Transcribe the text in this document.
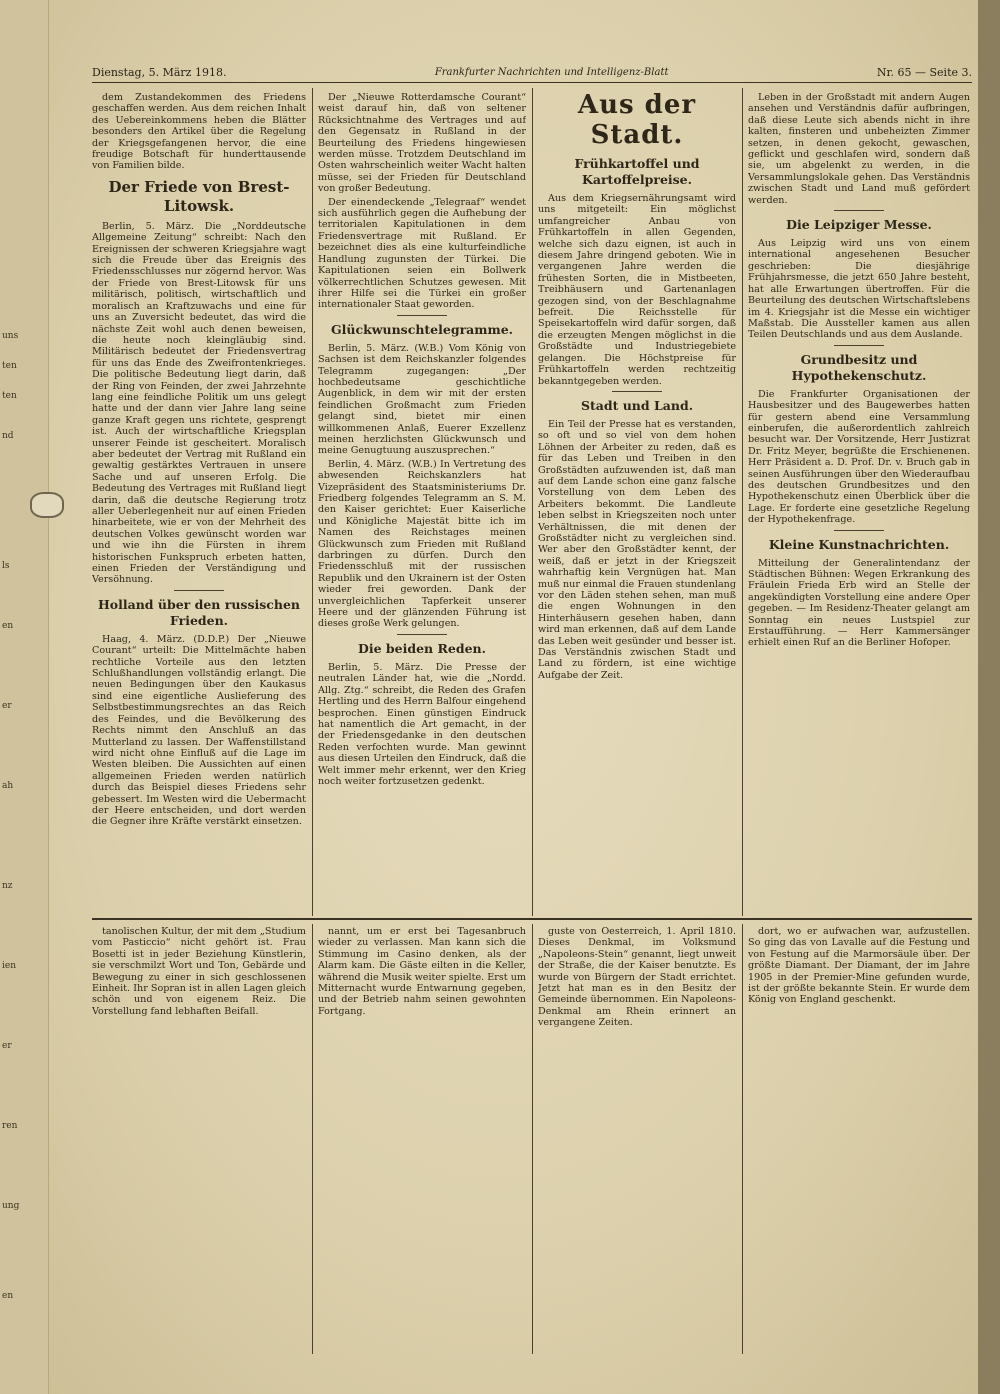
uns
ten
ten
nd
ls
en
er
ah
nz
ien
er
ren
ung
en
Dienstag, 5. März 1918.	Frankfurter Nachrichten und Intelligenz-Blatt	Nr. 65 — Seite 3.

dem Zustandekommen des Friedens geschaffen werden. Aus dem reichen Inhalt des Uebereinkommens heben die Blätter besonders den Artikel über die Regelung der Kriegsgefangenen hervor, die eine freudige Botschaft für hunderttausende von Familien bilde.

Der Friede von Brest-Litowsk.

Berlin, 5. März. Die „Norddeutsche Allgemeine Zeitung“ schreibt: Nach den Ereignissen der schweren Kriegsjahre wagt sich die Freude über das Ereignis des Friedensschlusses nur zögernd hervor. Was der Friede von Brest-Litowsk für uns militärisch, politisch, wirtschaftlich und moralisch an Kraftzuwachs und eine für uns an Zuversicht bedeutet, das wird die nächste Zeit wohl auch denen beweisen, die heute noch kleingläubig sind. Militärisch bedeutet der Friedensvertrag für uns das Ende des Zweifrontenkrieges. Die politische Bedeutung liegt darin, daß der Ring von Feinden, der zwei Jahrzehnte lang eine feindliche Politik um uns gelegt hatte und der dann vier Jahre lang seine ganze Kraft gegen uns richtete, gesprengt ist. Auch der wirtschaftliche Kriegsplan unserer Feinde ist gescheitert. Moralisch aber bedeutet der Vertrag mit Rußland ein gewaltig gestärktes Vertrauen in unsere Sache und auf unseren Erfolg. Die Bedeutung des Vertrages mit Rußland liegt darin, daß die deutsche Regierung trotz aller Ueberlegenheit nur auf einen Frieden hinarbeitete, wie er von der Mehrheit des deutschen Volkes gewünscht worden war und wie ihn die Fürsten in ihrem historischen Funkspruch erbeten hatten, einen Frieden der Verständigung und Versöhnung.

Holland über den russischen Frieden.

Haag, 4. März. (D.D.P.) Der „Nieuwe Courant“ urteilt: Die Mittelmächte haben rechtliche Vorteile aus den letzten Schlußhandlungen vollständig erlangt. Die neuen Bedingungen über den Kaukasus sind eine eigentliche Auslieferung des Selbstbestimmungsrechtes an das Reich des Feindes, und die Bevölkerung des Rechts nimmt den Anschluß an das Mutterland zu lassen. Der Waffenstillstand wird nicht ohne Einfluß auf die Lage im Westen bleiben. Die Aussichten auf einen allgemeinen Frieden werden natürlich durch das Beispiel dieses Friedens sehr gebessert. Im Westen wird die Uebermacht der Heere entscheiden, und dort werden die Gegner ihre Kräfte verstärkt einsetzen.

Der „Nieuwe Rotterdamsche Courant“ weist darauf hin, daß von seltener Rücksichtnahme des Vertrages und auf den Gegensatz in Rußland in der Beurteilung des Friedens hingewiesen werden müsse. Trotzdem Deutschland im Osten wahrscheinlich weiter Wacht halten müsse, sei der Frieden für Deutschland von großer Bedeutung.

Der einendeckende „Telegraaf“ wendet sich ausführlich gegen die Aufhebung der territorialen Kapitulationen in dem Friedensvertrage mit Rußland. Er bezeichnet dies als eine kulturfeindliche Handlung zugunsten der Türkei. Die Kapitulationen seien ein Bollwerk völkerrechtlichen Schutzes gewesen. Mit ihrer Hilfe sei die Türkei ein großer internationaler Staat geworden.

Glückwunschtelegramme.

Berlin, 5. März. (W.B.) Vom König von Sachsen ist dem Reichskanzler folgendes Telegramm zugegangen: „Der hochbedeutsame geschichtliche Augenblick, in dem wir mit der ersten feindlichen Großmacht zum Frieden gelangt sind, bietet mir einen willkommenen Anlaß, Euerer Exzellenz meinen herzlichsten Glückwunsch und meine Genugtuung auszusprechen.“

Berlin, 4. März. (W.B.) In Vertretung des abwesenden Reichskanzlers hat Vizepräsident des Staatsministeriums Dr. Friedberg folgendes Telegramm an S. M. den Kaiser gerichtet: Euer Kaiserliche und Königliche Majestät bitte ich im Namen des Reichstages meinen Glückwunsch zum Frieden mit Rußland darbringen zu dürfen. Durch den Friedensschluß mit der russischen Republik und den Ukrainern ist der Osten wieder frei geworden. Dank der unvergleichlichen Tapferkeit unserer Heere und der glänzenden Führung ist dieses große Werk gelungen.

Die beiden Reden.

Berlin, 5. März. Die Presse der neutralen Länder hat, wie die „Nordd. Allg. Ztg.“ schreibt, die Reden des Grafen Hertling und des Herrn Balfour eingehend besprochen. Einen günstigen Eindruck hat namentlich die Art gemacht, in der der Friedensgedanke in den deutschen Reden verfochten wurde. Man gewinnt aus diesen Urteilen den Eindruck, daß die Welt immer mehr erkennt, wer den Krieg noch weiter fortzusetzen gedenkt.

Aus der Stadt.
Frühkartoffel und Kartoffelpreise.

Aus dem Kriegsernährungsamt wird uns mitgeteilt: Ein möglichst umfangreicher Anbau von Frühkartoffeln in allen Gegenden, welche sich dazu eignen, ist auch in diesem Jahre dringend geboten. Wie in vergangenen Jahre werden die frühesten Sorten, die in Mistbeeten, Treibhäusern und Gartenanlagen gezogen sind, von der Beschlagnahme befreit. Die Reichsstelle für Speisekartoffeln wird dafür sorgen, daß die erzeugten Mengen möglichst in die Großstädte und Industriegebiete gelangen. Die Höchstpreise für Frühkartoffeln werden rechtzeitig bekanntgegeben werden.

Stadt und Land.

Ein Teil der Presse hat es verstanden, so oft und so viel von dem hohen Löhnen der Arbeiter zu reden, daß es für das Leben und Treiben in den Großstädten aufzuwenden ist, daß man auf dem Lande schon eine ganz falsche Vorstellung von dem Leben des Arbeiters bekommt. Die Landleute leben selbst in Kriegszeiten noch unter Verhältnissen, die mit denen der Großstädter nicht zu vergleichen sind. Wer aber den Großstädter kennt, der weiß, daß er jetzt in der Kriegszeit wahrhaftig kein Vergnügen hat. Man muß nur einmal die Frauen stundenlang vor den Läden stehen sehen, man muß die engen Wohnungen in den Hinterhäusern gesehen haben, dann wird man erkennen, daß auf dem Lande das Leben weit gesünder und besser ist. Das Verständnis zwischen Stadt und Land zu fördern, ist eine wichtige Aufgabe der Zeit.

Leben in der Großstadt mit andern Augen ansehen und Verständnis dafür aufbringen, daß diese Leute sich abends nicht in ihre kalten, finsteren und unbeheizten Zimmer setzen, in denen gekocht, gewaschen, geflickt und geschlafen wird, sondern daß sie, um abgelenkt zu werden, in die Versammlungslokale gehen. Das Verständnis zwischen Stadt und Land muß gefördert werden.

Die Leipziger Messe.

Aus Leipzig wird uns von einem international angesehenen Besucher geschrieben: Die diesjährige Frühjahrsmesse, die jetzt 650 Jahre besteht, hat alle Erwartungen übertroffen. Für die Beurteilung des deutschen Wirtschaftslebens im 4. Kriegsjahr ist die Messe ein wichtiger Maßstab. Die Aussteller kamen aus allen Teilen Deutschlands und aus dem Auslande.

Grundbesitz und Hypothekenschutz.

Die Frankfurter Organisationen der Hausbesitzer und des Baugewerbes hatten für gestern abend eine Versammlung einberufen, die außerordentlich zahlreich besucht war. Der Vorsitzende, Herr Justizrat Dr. Fritz Meyer, begrüßte die Erschienenen. Herr Präsident a. D. Prof. Dr. v. Bruch gab in seinen Ausführungen über den Wiederaufbau des deutschen Grundbesitzes und den Hypothekenschutz einen Überblick über die Lage. Er forderte eine gesetzliche Regelung der Hypothekenfrage.

Kleine Kunstnachrichten.

Mitteilung der Generalintendanz der Städtischen Bühnen: Wegen Erkrankung des Fräulein Frieda Erb wird an Stelle der angekündigten Vorstellung eine andere Oper gegeben. — Im Residenz-Theater gelangt am Sonntag ein neues Lustspiel zur Erstaufführung. — Herr Kammersänger erhielt einen Ruf an die Berliner Hofoper.

tanolischen Kultur, der mit dem „Studium vom Pasticcio“ nicht gehört ist. Frau Bosetti ist in jeder Beziehung Künstlerin, sie verschmilzt Wort und Ton, Gebärde und Bewegung zu einer in sich geschlossenen Einheit. Ihr Sopran ist in allen Lagen gleich schön und von eigenem Reiz. Die Vorstellung fand lebhaften Beifall.

nannt, um er erst bei Tagesanbruch wieder zu verlassen. Man kann sich die Stimmung im Casino denken, als der Alarm kam. Die Gäste eilten in die Keller, während die Musik weiter spielte. Erst um Mitternacht wurde Entwarnung gegeben, und der Betrieb nahm seinen gewohnten Fortgang.

guste von Oesterreich, 1. April 1810. Dieses Denkmal, im Volksmund „Napoleons-Stein“ genannt, liegt unweit der Straße, die der Kaiser benutzte. Es wurde von Bürgern der Stadt errichtet. Jetzt hat man es in den Besitz der Gemeinde übernommen. Ein Napoleons-Denkmal am Rhein erinnert an vergangene Zeiten.

dort, wo er aufwachen war, aufzustellen. So ging das von Lavalle auf die Festung und von Festung auf die Marmorsäule über. Der größte Diamant. Der Diamant, der im Jahre 1905 in der Premier-Mine gefunden wurde, ist der größte bekannte Stein. Er wurde dem König von England geschenkt.
